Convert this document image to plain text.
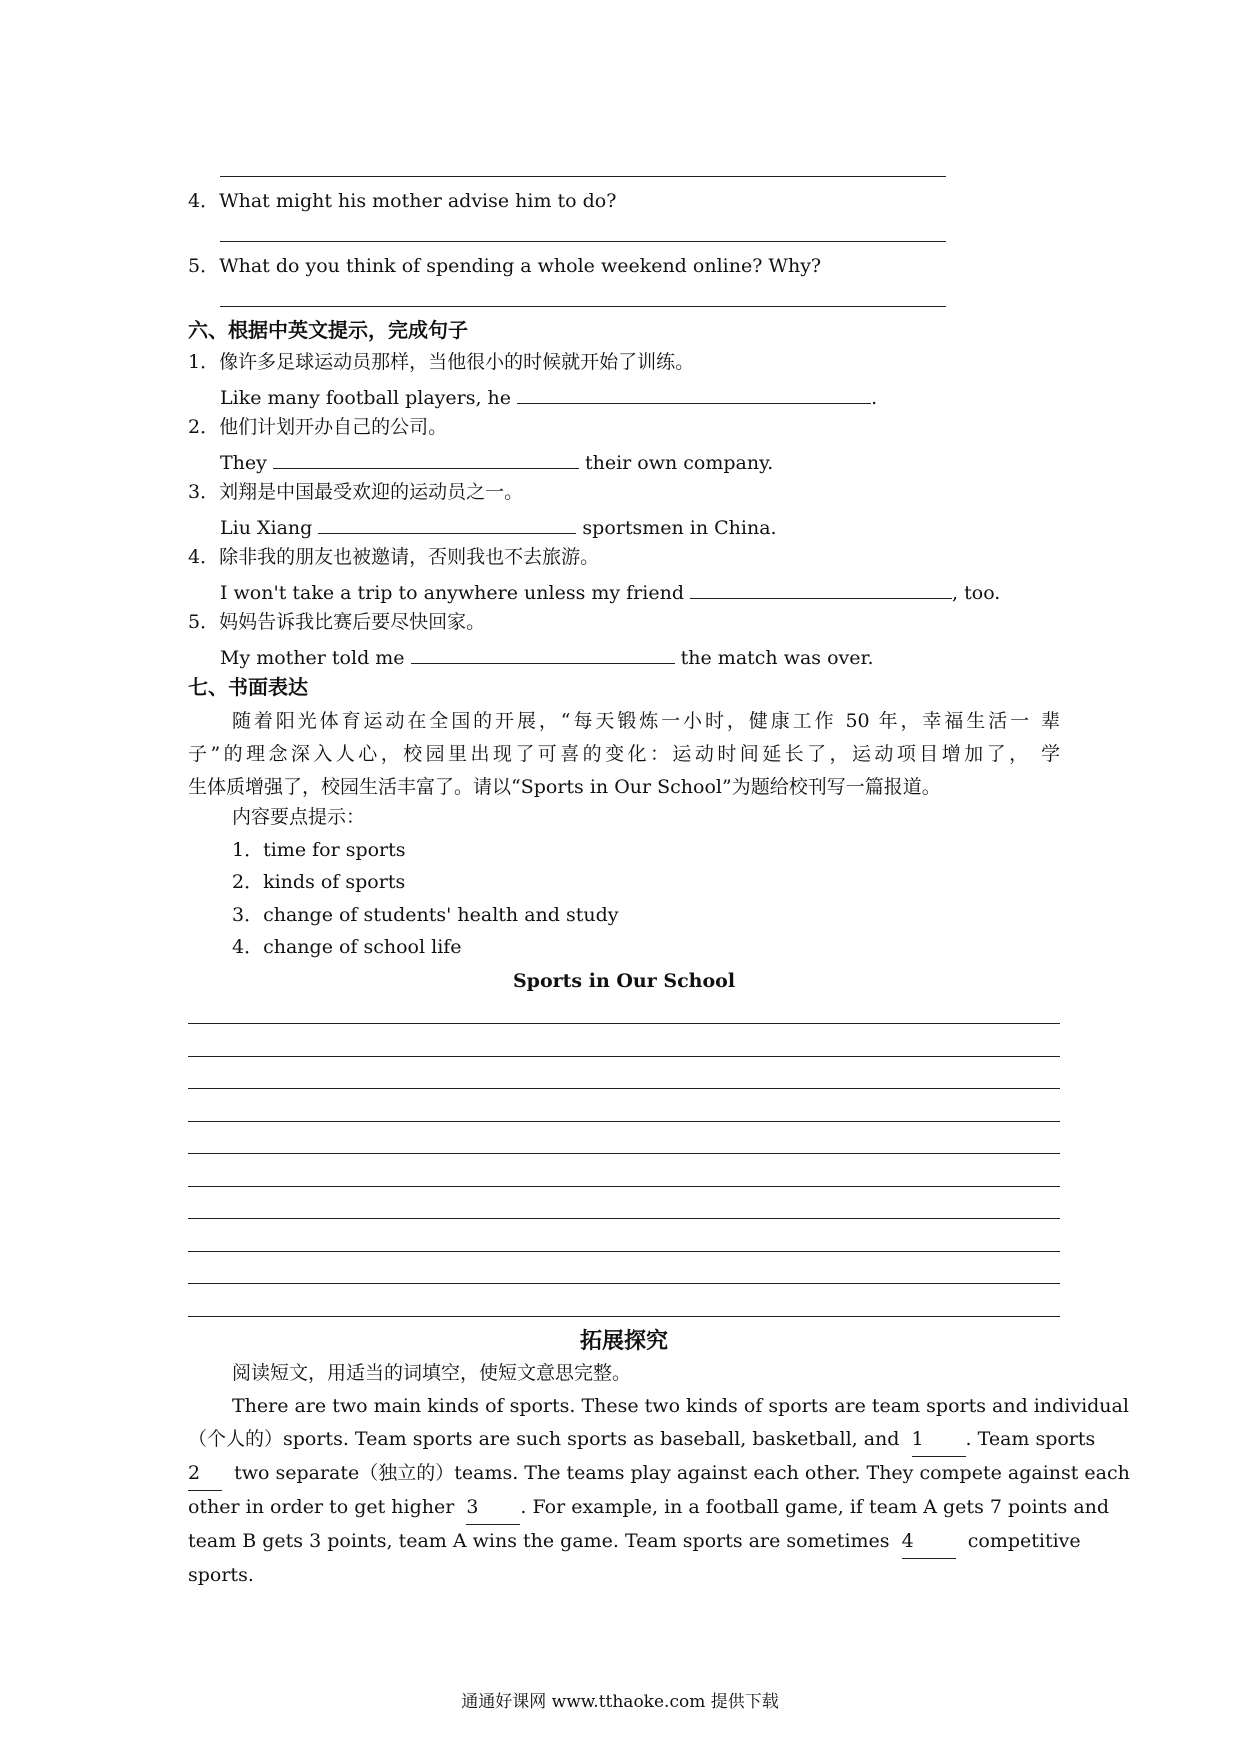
4．What might his mother advise him to do?
5．What do you think of spending a whole weekend online? Why?
六、根据中英文提示，完成句子
1．像许多足球运动员那样，当他很小的时候就开始了训练。
Like many football players, he	.
2．他们计划开办自己的公司。
They	their own company.
3．刘翔是中国最受欢迎的运动员之一。
Liu Xiang	sportsmen in China.
4．除非我的朋友也被邀请，否则我也不去旅游。
I won't take a trip to anywhere unless my friend	, too.
5．妈妈告诉我比赛后要尽快回家。
My mother told me	the match was over.
七、书面表达
随着阳光体育运动在全国的开展，“每天锻炼一小时，健康工作 50 年，幸福生活一 辈
子”的理念深入人心，校园里出现了可喜的变化：运动时间延长了，运动项目增加了， 学
生体质增强了，校园生活丰富了。请以“Sports in Our School”为题给校刊写一篇报道。
内容要点提示：
1．time for sports
2．kinds of sports
3．change of students' health and study
4．change of school life
Sports in Our School
拓展探究
阅读短文，用适当的词填空，使短文意思完整。
There are two main kinds of sports. These two kinds of sports are team sports and individual
（个人的）sports. Team sports are such sports as baseball, basketball, and 1 . Team sports
2 two separate（独立的）teams. The teams play against each other. They compete against each
other in order to get higher 3 . For example, in a football game, if team A gets 7 points and
team B gets 3 points, team A wins the game. Team sports are sometimes 4	competitive
sports.
通通好课网 www.tthaoke.com 提供下载
